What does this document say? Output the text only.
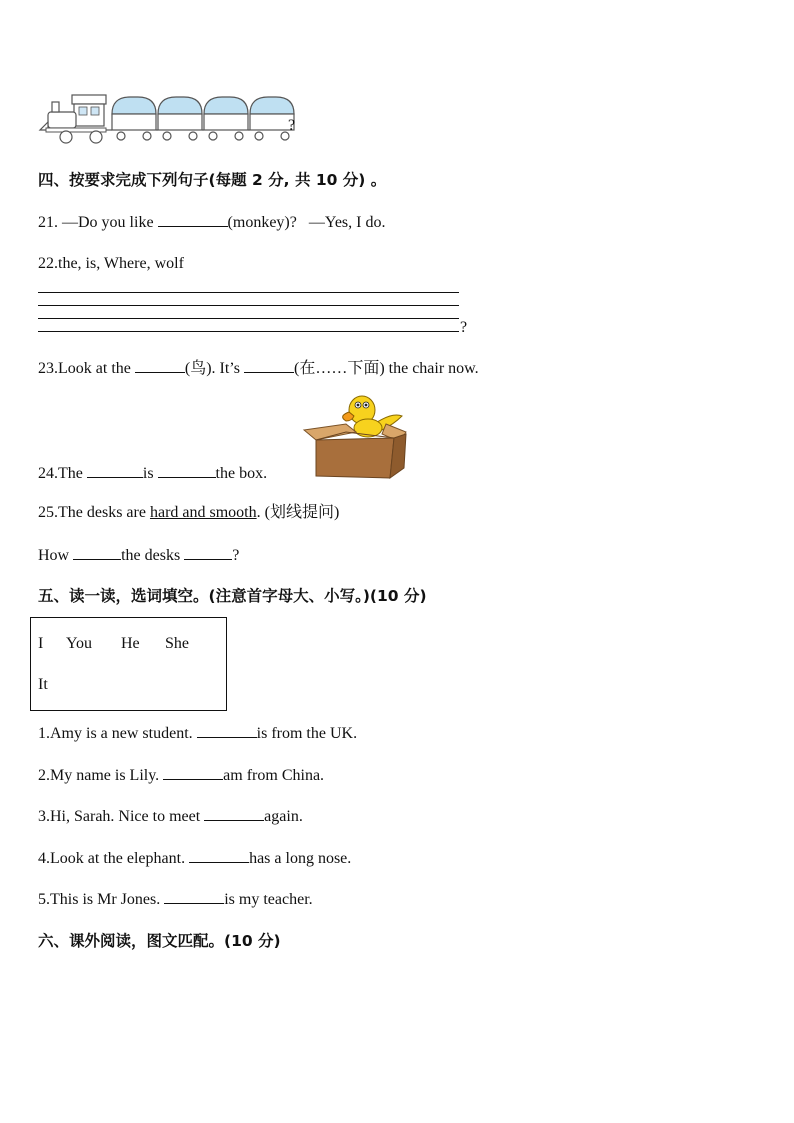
?
四、按要求完成下列句子(每题 2 分, 共 10 分) 。
21. —Do you like	(monkey)? —Yes, I do.
22.the, is, Where, wolf
?
23.Look at the	(鸟). It’s	(在……下面) the chair now.
24.The	is	the box.
25.The desks are hard and smooth. (划线提问)
How	the desks	?
五、读一读，选词填空。(注意首字母大、小写。)(10 分)
I You He She
It
1.Amy is a new student.	is from the UK.
2.My name is Lily.	am from China.
3.Hi, Sarah. Nice to meet	again.
4.Look at the elephant.	has a long nose.
5.This is Mr Jones.	is my teacher.
六、课外阅读，图文匹配。(10 分)
